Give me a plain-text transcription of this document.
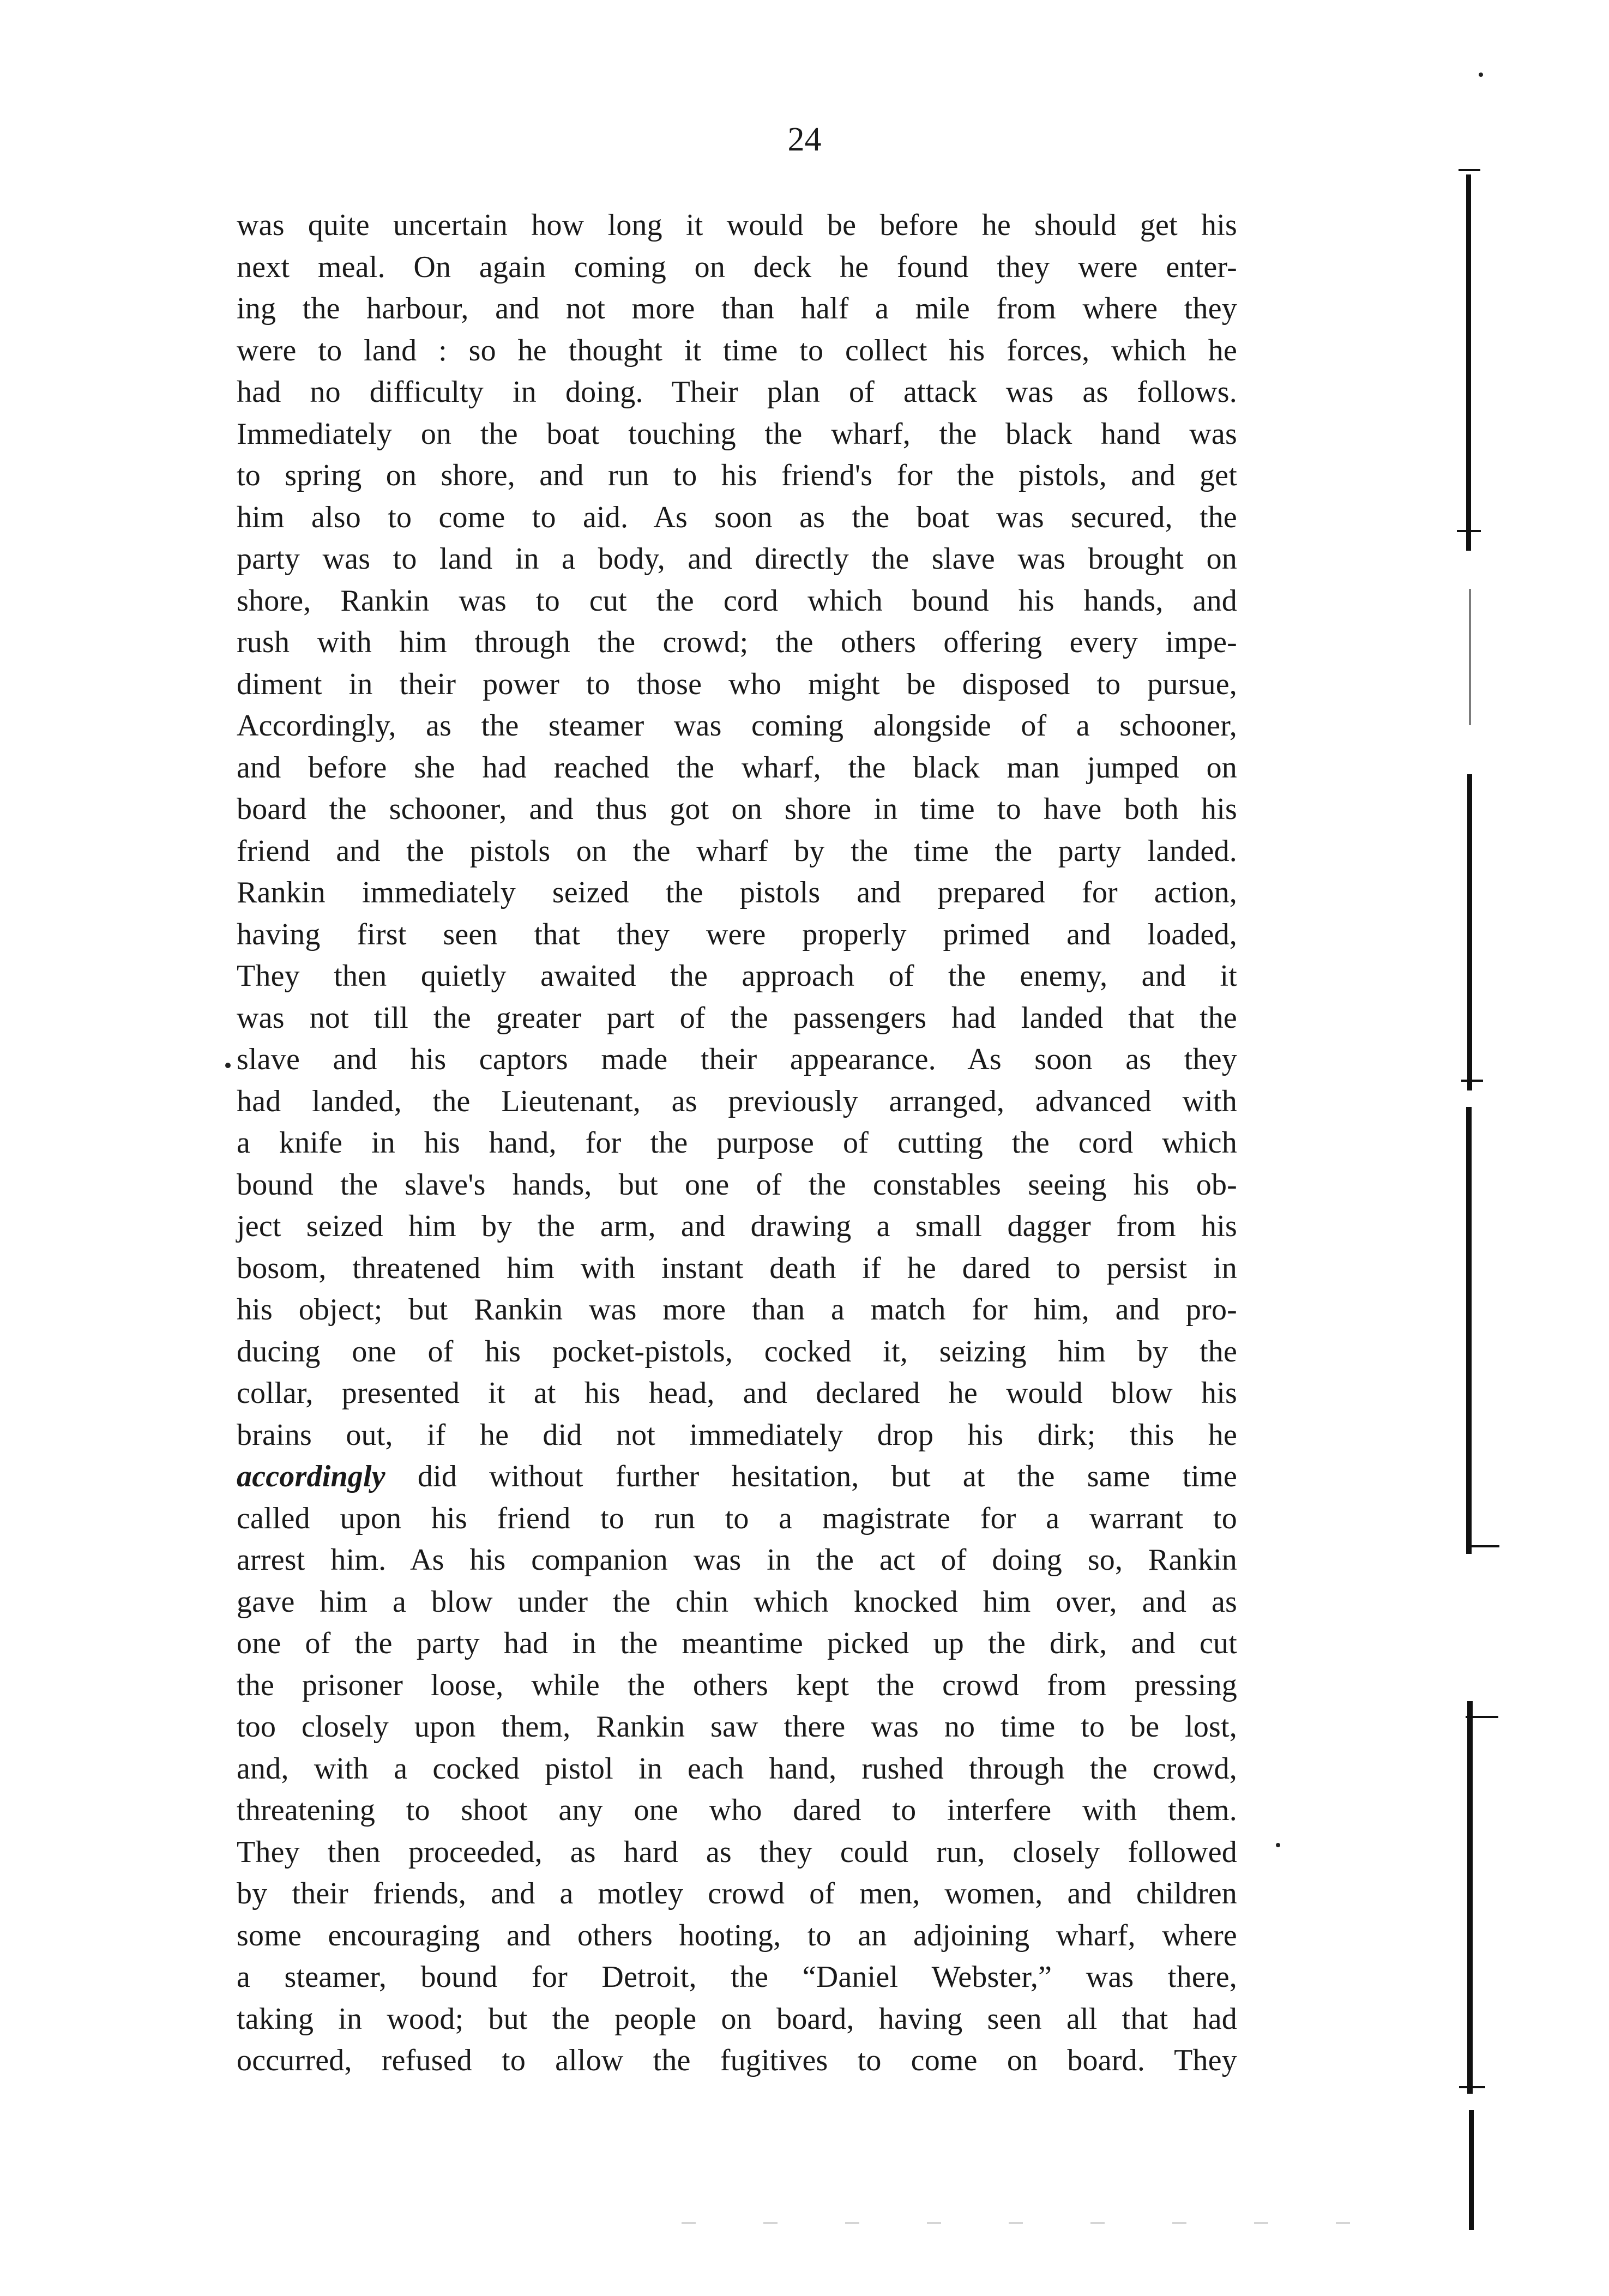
24
was quite uncertain how long it would be before he should get his
next meal. On again coming on deck he found they were enter-
ing the harbour, and not more than half a mile from where they
were to land : so he thought it time to collect his forces, which he
had no difficulty in doing. Their plan of attack was as follows.
Immediately on the boat touching the wharf, the black hand was
to spring on shore, and run to his friend's for the pistols, and get
him also to come to aid. As soon as the boat was secured, the
party was to land in a body, and directly the slave was brought on
shore, Rankin was to cut the cord which bound his hands, and
rush with him through the crowd; the others offering every impe-
diment in their power to those who might be disposed to pursue,
Accordingly, as the steamer was coming alongside of a schooner,
and before she had reached the wharf, the black man jumped on
board the schooner, and thus got on shore in time to have both his
friend and the pistols on the wharf by the time the party landed.
Rankin immediately seized the pistols and prepared for action,
having first seen that they were properly primed and loaded,
They then quietly awaited the approach of the enemy, and it
was not till the greater part of the passengers had landed that the
slave and his captors made their appearance. As soon as they
had landed, the Lieutenant, as previously arranged, advanced with
a knife in his hand, for the purpose of cutting the cord which
bound the slave's hands, but one of the constables seeing his ob-
ject seized him by the arm, and drawing a small dagger from his
bosom, threatened him with instant death if he dared to persist in
his object; but Rankin was more than a match for him, and pro-
ducing one of his pocket-pistols, cocked it, seizing him by the
collar, presented it at his head, and declared he would blow his
brains out, if he did not immediately drop his dirk; this he
accordingly did without further hesitation, but at the same time
called upon his friend to run to a magistrate for a warrant to
arrest him. As his companion was in the act of doing so, Rankin
gave him a blow under the chin which knocked him over, and as
one of the party had in the meantime picked up the dirk, and cut
the prisoner loose, while the others kept the crowd from pressing
too closely upon them, Rankin saw there was no time to be lost,
and, with a cocked pistol in each hand, rushed through the crowd,
threatening to shoot any one who dared to interfere with them.
They then proceeded, as hard as they could run, closely followed
by their friends, and a motley crowd of men, women, and children
some encouraging and others hooting, to an adjoining wharf, where
a steamer, bound for Detroit, the “Daniel Webster,” was there,
taking in wood; but the people on board, having seen all that had
occurred, refused to allow the fugitives to come on board. They
